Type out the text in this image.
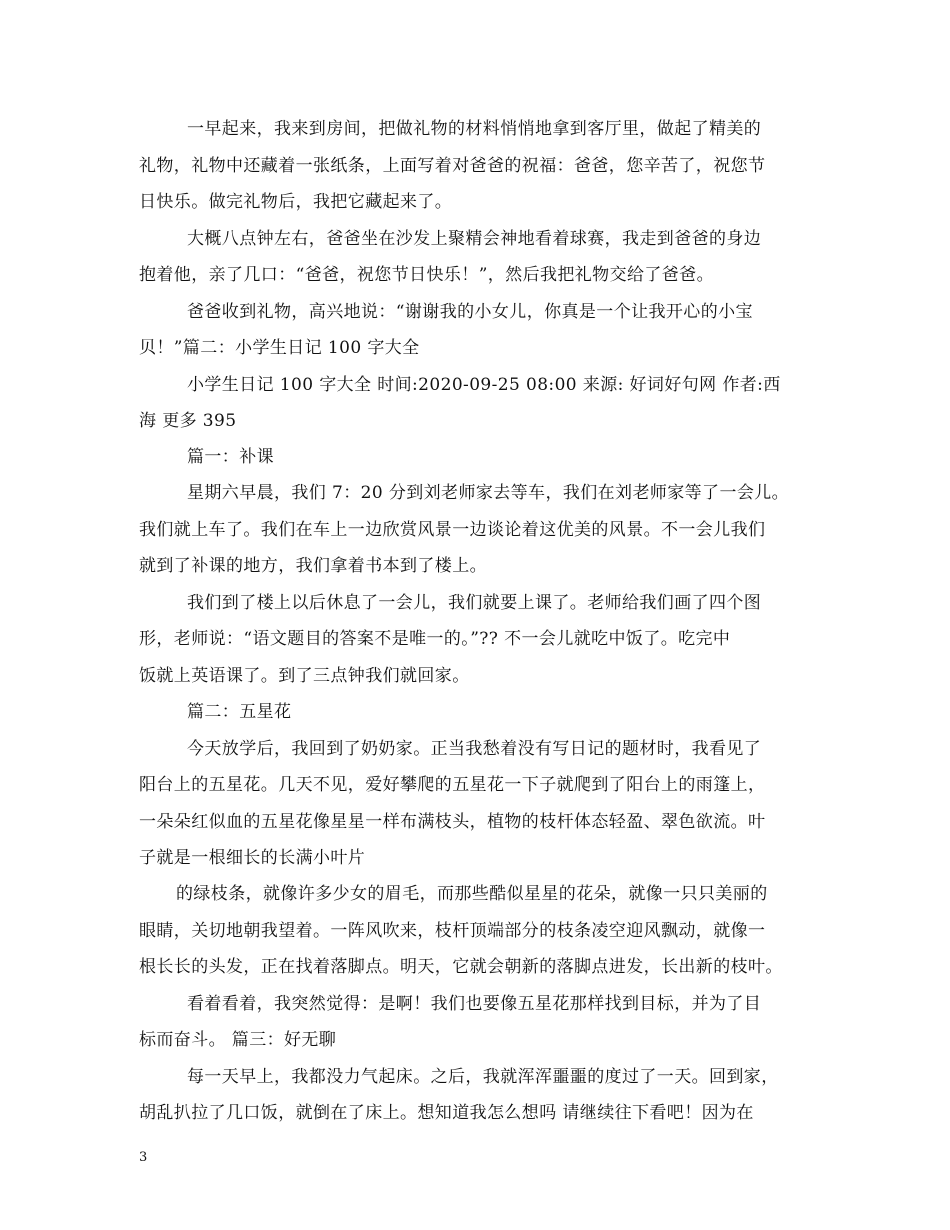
一早起来，我来到房间，把做礼物的材料悄悄地拿到客厅里，做起了精美的
礼物，礼物中还藏着一张纸条，上面写着对爸爸的祝福：爸爸，您辛苦了，祝您节
日快乐。做完礼物后，我把它藏起来了。
大概八点钟左右，爸爸坐在沙发上聚精会神地看着球赛，我走到爸爸的身边
抱着他，亲了几口：“爸爸，祝您节日快乐！”，然后我把礼物交给了爸爸。
爸爸收到礼物，高兴地说：“谢谢我的小女儿，你真是一个让我开心的小宝
贝！”篇二：小学生日记 100 字大全
小学生日记 100 字大全 时间:2020-09-25 08:00 来源: 好词好句网 作者:西
海 更多 395
篇一：补课
星期六早晨，我们 7：20 分到刘老师家去等车，我们在刘老师家等了一会儿。
我们就上车了。我们在车上一边欣赏风景一边谈论着这优美的风景。不一会儿我们
就到了补课的地方，我们拿着书本到了楼上。
我们到了楼上以后休息了一会儿，我们就要上课了。老师给我们画了四个图
形，老师说：“语文题目的答案不是唯一的。”?? 不一会儿就吃中饭了。吃完中
饭就上英语课了。到了三点钟我们就回家。
篇二：五星花
今天放学后，我回到了奶奶家。正当我愁着没有写日记的题材时，我看见了
阳台上的五星花。几天不见，爱好攀爬的五星花一下子就爬到了阳台上的雨篷上，
一朵朵红似血的五星花像星星一样布满枝头，植物的枝杆体态轻盈、翠色欲流。叶
子就是一根细长的长满小叶片
的绿枝条，就像许多少女的眉毛，而那些酷似星星的花朵，就像一只只美丽的
眼睛，关切地朝我望着。一阵风吹来，枝杆顶端部分的枝条凌空迎风飘动，就像一
根长长的头发，正在找着落脚点。明天，它就会朝新的落脚点进发，长出新的枝叶。
看着看着，我突然觉得：是啊！我们也要像五星花那样找到目标，并为了目
标而奋斗。 篇三：好无聊
每一天早上，我都没力气起床。之后，我就浑浑噩噩的度过了一天。回到家，
胡乱扒拉了几口饭，就倒在了床上。想知道我怎么想吗 请继续往下看吧！因为在
3
